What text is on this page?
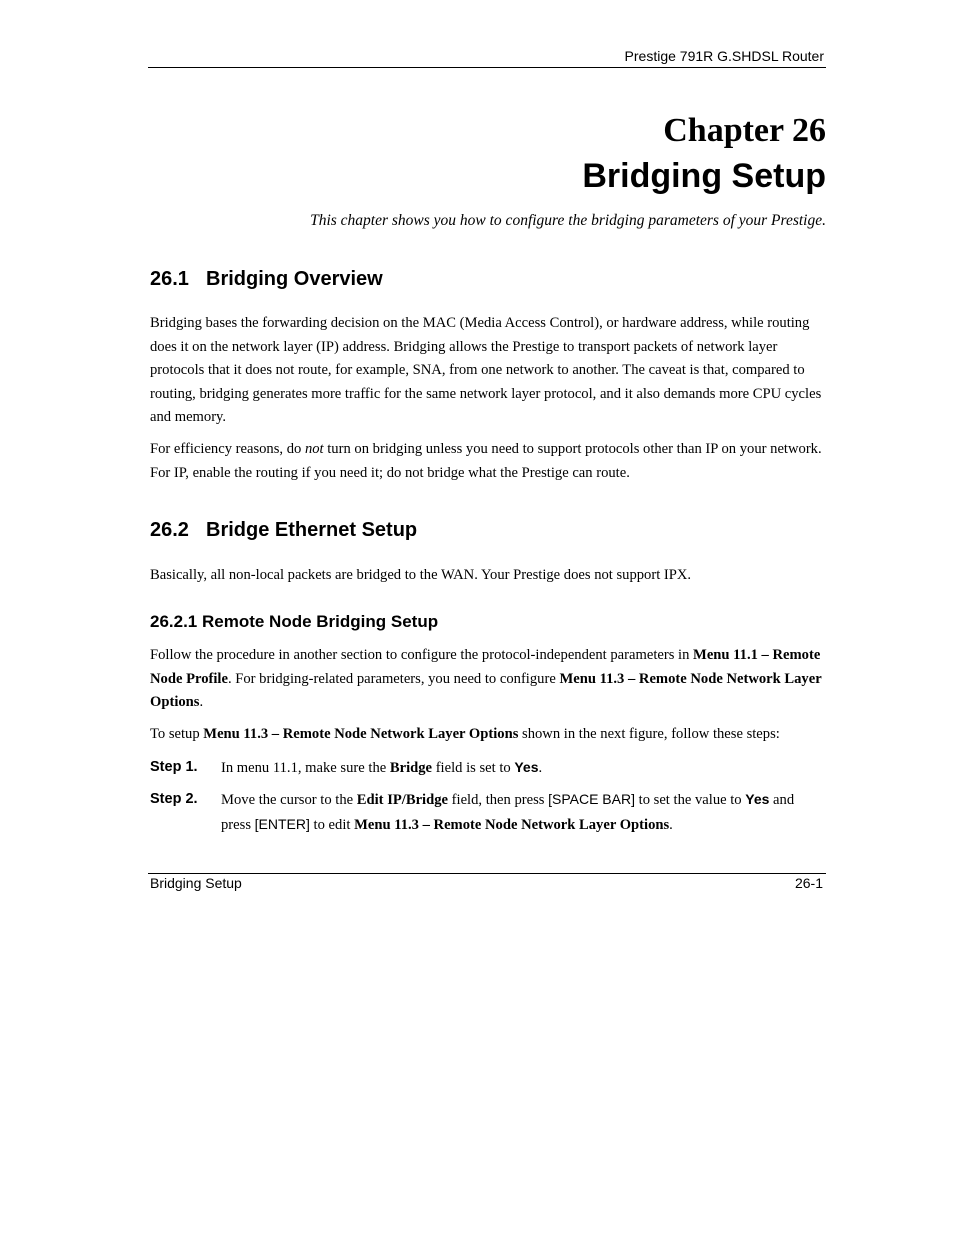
Prestige 791R G.SHDSL Router
Chapter 26
Bridging Setup
This chapter shows you how to configure the bridging parameters of your Prestige.
26.1 Bridging Overview
Bridging bases the forwarding decision on the MAC (Media Access Control), or hardware address, while routing does it on the network layer (IP) address. Bridging allows the Prestige to transport packets of network layer protocols that it does not route, for example, SNA, from one network to another. The caveat is that, compared to routing, bridging generates more traffic for the same network layer protocol, and it also demands more CPU cycles and memory.
For efficiency reasons, do not turn on bridging unless you need to support protocols other than IP on your network. For IP, enable the routing if you need it; do not bridge what the Prestige can route.
26.2 Bridge Ethernet Setup
Basically, all non-local packets are bridged to the WAN. Your Prestige does not support IPX.
26.2.1 Remote Node Bridging Setup
Follow the procedure in another section to configure the protocol-independent parameters in Menu 11.1 – Remote Node Profile. For bridging-related parameters, you need to configure Menu 11.3 – Remote Node Network Layer Options.
To setup Menu 11.3 – Remote Node Network Layer Options shown in the next figure, follow these steps:
Step 1. In menu 11.1, make sure the Bridge field is set to Yes.
Step 2. Move the cursor to the Edit IP/Bridge field, then press [SPACE BAR] to set the value to Yes and press [ENTER] to edit Menu 11.3 – Remote Node Network Layer Options.
Bridging Setup	26-1
